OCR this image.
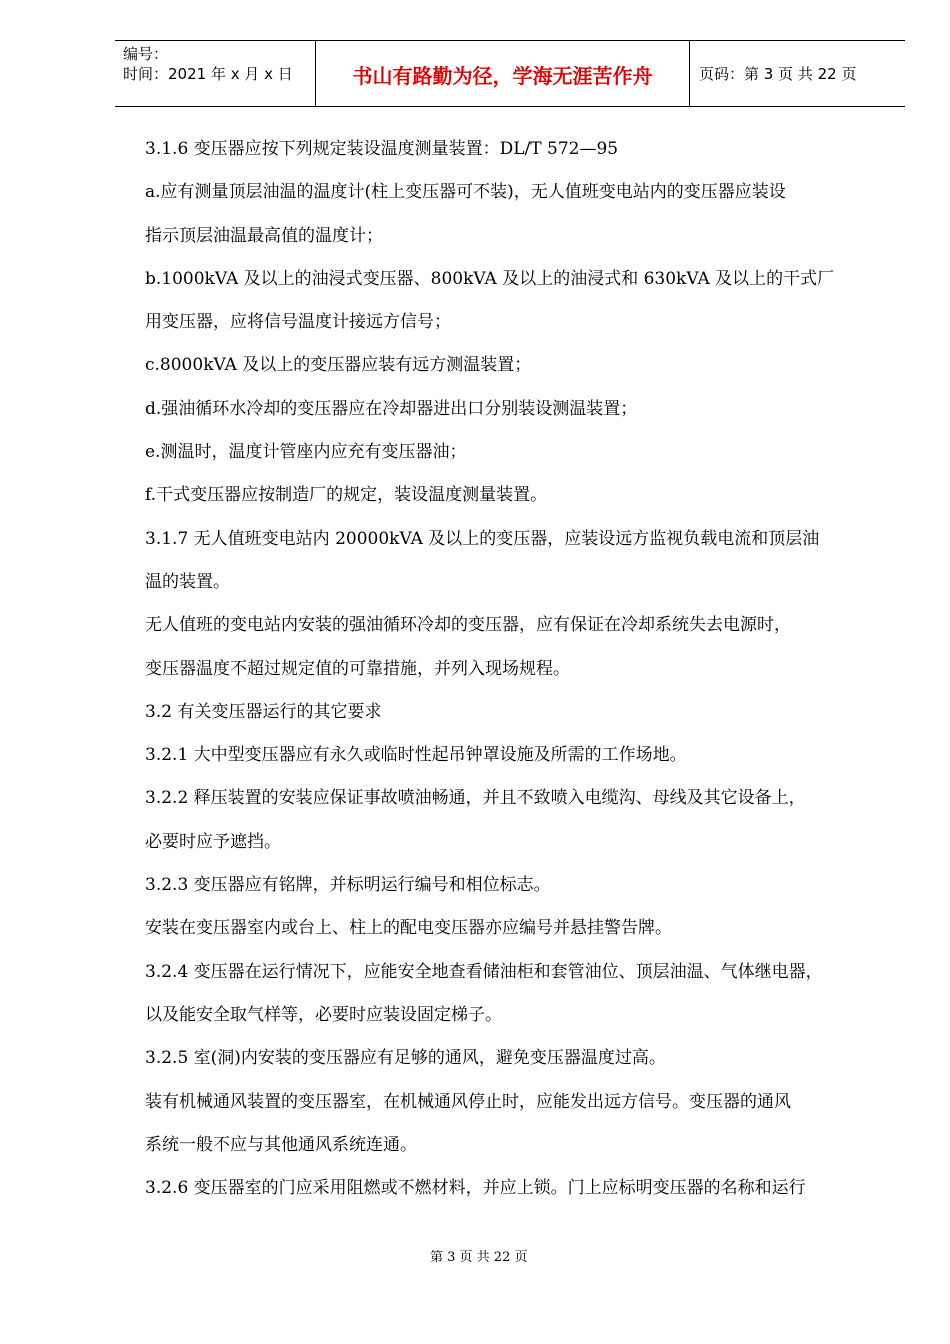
编号：
时间：2021 年 x 月 x 日	书山有路勤为径，学海无涯苦作舟	页码：第 3 页 共 22 页
3.1.6 变压器应按下列规定装设温度测量装置：DL/T 572—95
a.应有测量顶层油温的温度计(柱上变压器可不装)，无人值班变电站内的变压器应装设
指示顶层油温最高值的温度计；
b.1000kVA 及以上的油浸式变压器、800kVA 及以上的油浸式和 630kVA 及以上的干式厂
用变压器，应将信号温度计接远方信号；
c.8000kVA 及以上的变压器应装有远方测温装置；
d.强油循环水冷却的变压器应在冷却器进出口分别装设测温装置；
e.测温时，温度计管座内应充有变压器油；
f.干式变压器应按制造厂的规定，装设温度测量装置。
3.1.7 无人值班变电站内 20000kVA 及以上的变压器，应装设远方监视负载电流和顶层油
温的装置。
无人值班的变电站内安装的强油循环冷却的变压器，应有保证在冷却系统失去电源时，
变压器温度不超过规定值的可靠措施，并列入现场规程。
3.2 有关变压器运行的其它要求
3.2.1 大中型变压器应有永久或临时性起吊钟罩设施及所需的工作场地。
3.2.2 释压装置的安装应保证事故喷油畅通，并且不致喷入电缆沟、母线及其它设备上，
必要时应予遮挡。
3.2.3 变压器应有铭牌，并标明运行编号和相位标志。
安装在变压器室内或台上、柱上的配电变压器亦应编号并悬挂警告牌。
3.2.4 变压器在运行情况下，应能安全地查看储油柜和套管油位、顶层油温、气体继电器，
以及能安全取气样等，必要时应装设固定梯子。
3.2.5 室(洞)内安装的变压器应有足够的通风，避免变压器温度过高。
装有机械通风装置的变压器室，在机械通风停止时，应能发出远方信号。变压器的通风
系统一般不应与其他通风系统连通。
3.2.6 变压器室的门应采用阻燃或不燃材料，并应上锁。门上应标明变压器的名称和运行
第 3 页 共 22 页
